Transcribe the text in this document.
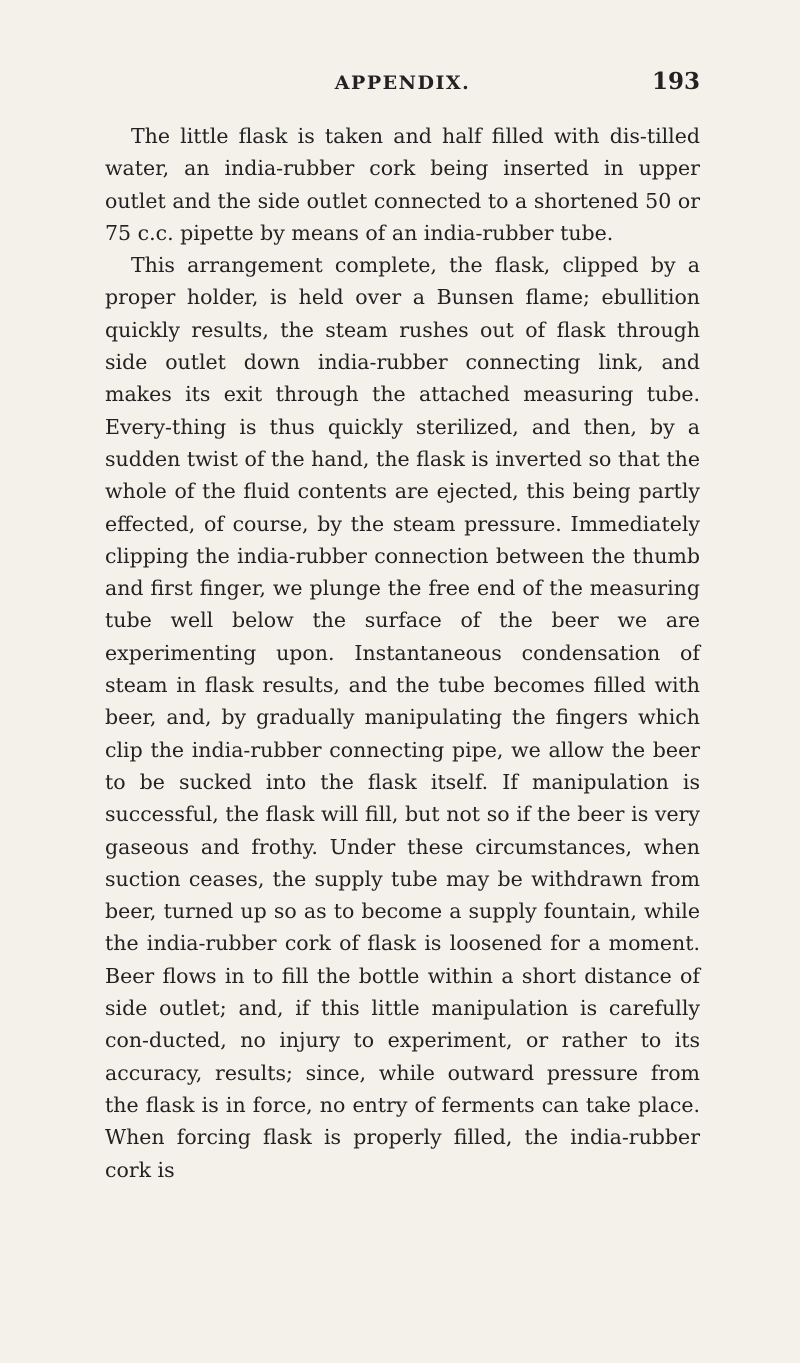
APPENDIX.	193

The little flask is taken and half filled with dis-tilled water, an india-rubber cork being inserted in upper outlet and the side outlet connected to a shortened 50 or 75 c.c. pipette by means of an india-rubber tube.

This arrangement complete, the flask, clipped by a proper holder, is held over a Bunsen flame; ebullition quickly results, the steam rushes out of flask through side outlet down india-rubber connecting link, and makes its exit through the attached measuring tube. Every-thing is thus quickly sterilized, and then, by a sudden twist of the hand, the flask is inverted so that the whole of the fluid contents are ejected, this being partly effected, of course, by the steam pressure. Immediately clipping the india-rubber connection between the thumb and first finger, we plunge the free end of the measuring tube well below the surface of the beer we are experimenting upon. Instantaneous condensation of steam in flask results, and the tube becomes filled with beer, and, by gradually manipulating the fingers which clip the india-rubber connecting pipe, we allow the beer to be sucked into the flask itself. If manipulation is successful, the flask will fill, but not so if the beer is very gaseous and frothy. Under these circumstances, when suction ceases, the supply tube may be withdrawn from beer, turned up so as to become a supply fountain, while the india-rubber cork of flask is loosened for a moment. Beer flows in to fill the bottle within a short distance of side outlet; and, if this little manipulation is carefully con-ducted, no injury to experiment, or rather to its accuracy, results; since, while outward pressure from the flask is in force, no entry of ferments can take place. When forcing flask is properly filled, the india-rubber cork is
